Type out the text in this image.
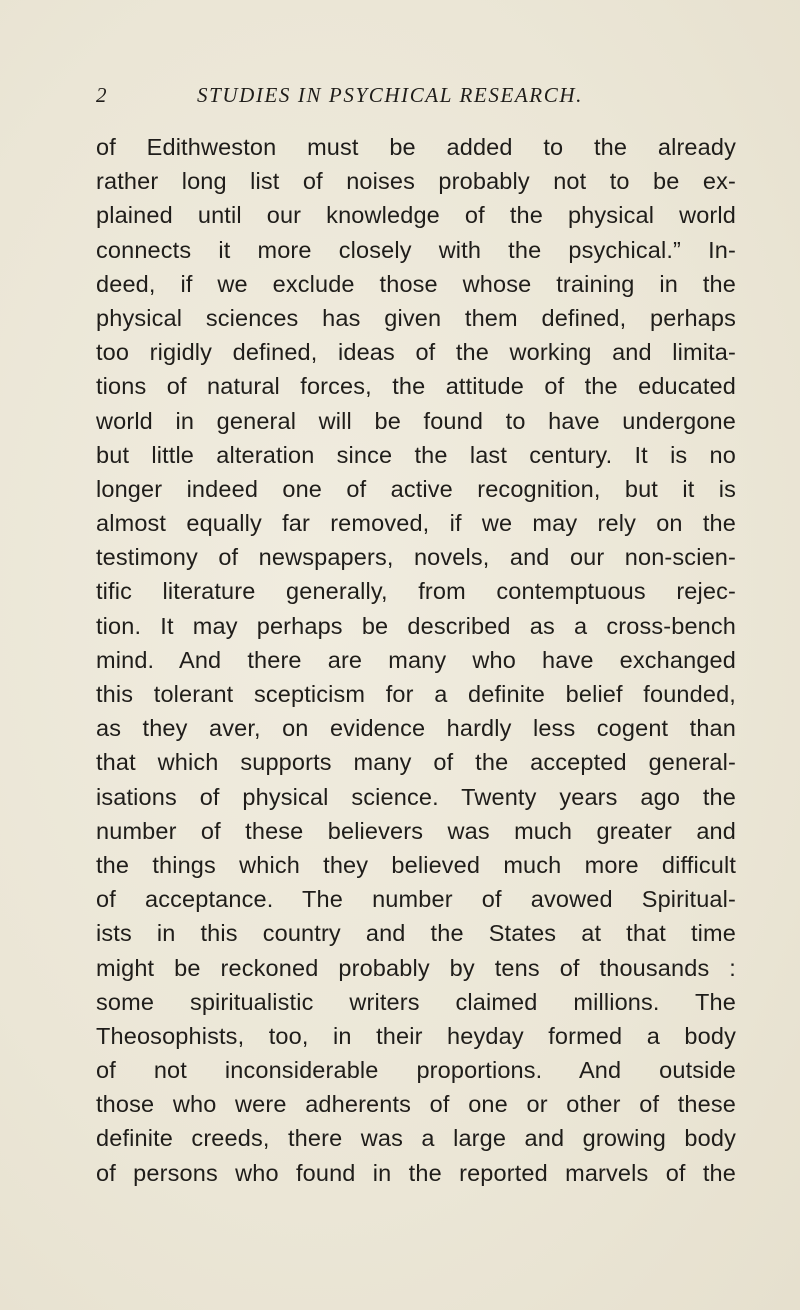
2	STUDIES IN PSYCHICAL RESEARCH.
of Edithweston must be added to the already
rather long list of noises probably not to be ex-
plained until our knowledge of the physical world
connects it more closely with the psychical.” In-
deed, if we exclude those whose training in the
physical sciences has given them defined, perhaps
too rigidly defined, ideas of the working and limita-
tions of natural forces, the attitude of the educated
world in general will be found to have undergone
but little alteration since the last century. It is no
longer indeed one of active recognition, but it is
almost equally far removed, if we may rely on the
testimony of newspapers, novels, and our non-scien-
tific literature generally, from contemptuous rejec-
tion. It may perhaps be described as a cross-bench
mind. And there are many who have exchanged
this tolerant scepticism for a definite belief founded,
as they aver, on evidence hardly less cogent than
that which supports many of the accepted general-
isations of physical science. Twenty years ago the
number of these believers was much greater and
the things which they believed much more difficult
of acceptance. The number of avowed Spiritual-
ists in this country and the States at that time
might be reckoned probably by tens of thousands :
some spiritualistic writers claimed millions. The
Theosophists, too, in their heyday formed a body
of not inconsiderable proportions. And outside
those who were adherents of one or other of these
definite creeds, there was a large and growing body
of persons who found in the reported marvels of the
